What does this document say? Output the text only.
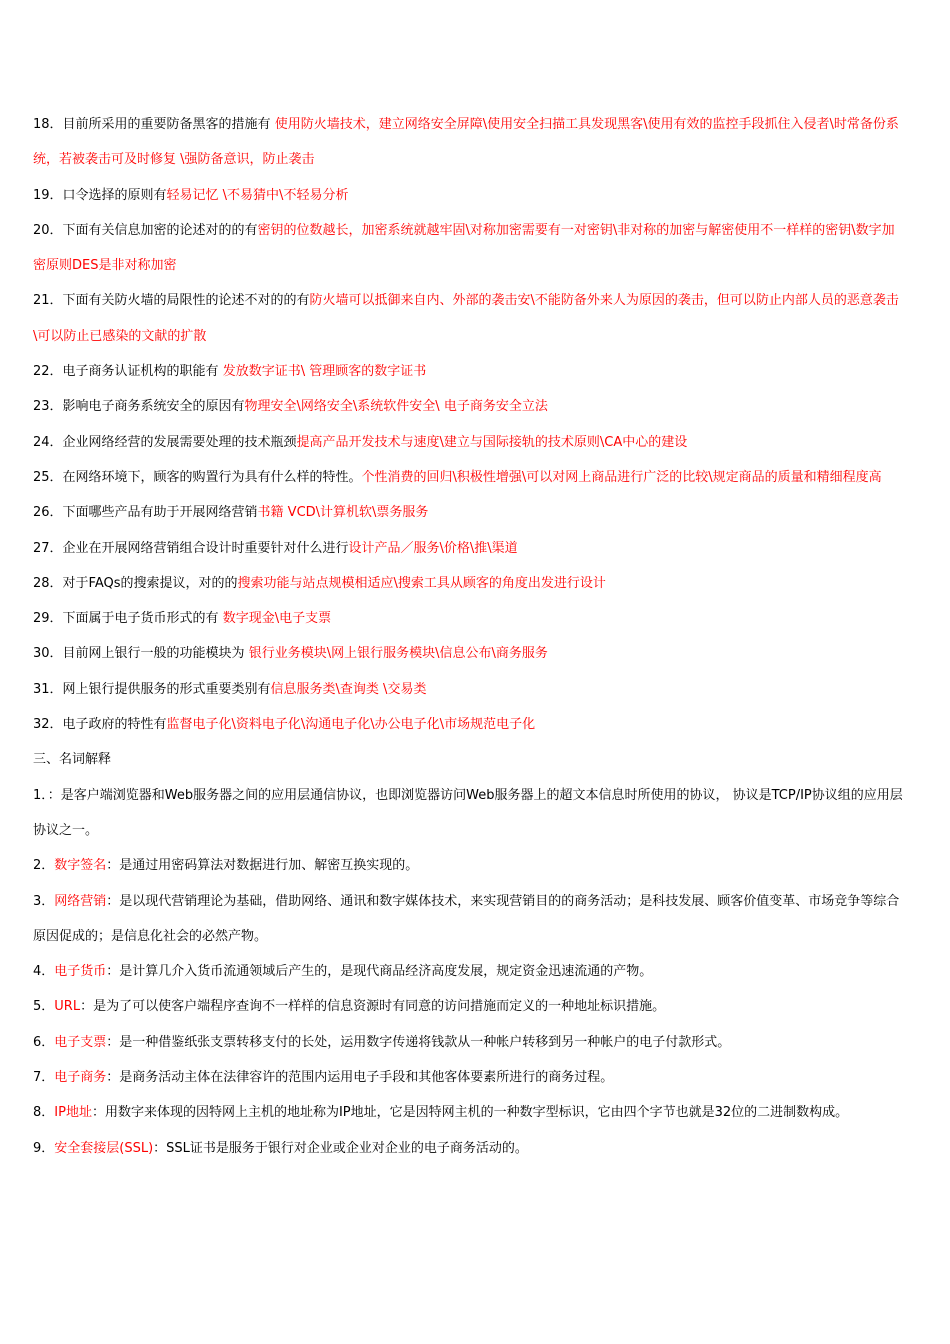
18．目前所采用的重要防备黑客的措施有 使用防火墙技术，建立网络安全屏障\使用安全扫描工具发现黑客\使用有效的监控手段抓住入侵者\时常备份系统，若被袭击可及时修复 \强防备意识，防止袭击

19．口令选择的原则有轻易记忆 \不易猜中\不轻易分析

20．下面有关信息加密的论述对的的有密钥的位数越长，加密系统就越牢固\对称加密需要有一对密钥\非对称的加密与解密使用不一样样的密钥\数字加密原则DES是非对称加密

21．下面有关防火墙的局限性的论述不对的的有防火墙可以抵御来自内、外部的袭击安\不能防备外来人为原因的袭击，但可以防止内部人员的恶意袭击\可以防止已感染的文献的扩散

22．电子商务认证机构的职能有 发放数字证书\ 管理顾客的数字证书

23．影响电子商务系统安全的原因有物理安全\网络安全\系统软件安全\ 电子商务安全立法

24．企业网络经营的发展需要处理的技术瓶颈提高产品开发技术与速度\建立与国际接轨的技术原则\CA中心的建设

25．在网络环境下，顾客的购置行为具有什么样的特性。个性消费的回归\积极性增强\可以对网上商品进行广泛的比较\规定商品的质量和精细程度高

26．下面哪些产品有助于开展网络营销书籍 VCD\计算机软\票务服务

27．企业在开展网络营销组合设计时重要针对什么进行设计产品／服务\价格\推\渠道

28．对于FAQs的搜索提议，对的的搜索功能与站点规模相适应\搜索工具从顾客的角度出发进行设计

29．下面属于电子货币形式的有 数字现金\电子支票

30．目前网上银行一般的功能模块为 银行业务模块\网上银行服务模块\信息公布\商务服务

31．网上银行提供服务的形式重要类别有信息服务类\查询类 \交易类

32．电子政府的特性有监督电子化\资料电子化\沟通电子化\办公电子化\市场规范电子化

三、名词解释

1．：是客户端浏览器和Web服务器之间的应用层通信协议，也即浏览器访问Web服务器上的超文本信息时所使用的协议， 协议是TCP/IP协议组的应用层协议之一。

2．数字签名：是通过用密码算法对数据进行加、解密互换实现的。

3．网络营销：是以现代营销理论为基础，借助网络、通讯和数字媒体技术，来实现营销目的的商务活动；是科技发展、顾客价值变革、市场竞争等综合原因促成的；是信息化社会的必然产物。

4．电子货币：是计算几介入货币流通领域后产生的，是现代商品经济高度发展，规定资金迅速流通的产物。

5．URL：是为了可以使客户端程序查询不一样样的信息资源时有同意的访问措施而定义的一种地址标识措施。

6．电子支票：是一种借鉴纸张支票转移支付的长处，运用数字传递将钱款从一种帐户转移到另一种帐户的电子付款形式。

7．电子商务：是商务活动主体在法律容许的范围内运用电子手段和其他客体要素所进行的商务过程。

8．IP地址：用数字来体现的因特网上主机的地址称为IP地址，它是因特网主机的一种数字型标识，它由四个字节也就是32位的二进制数构成。

9．安全套接层(SSL)：SSL证书是服务于银行对企业或企业对企业的电子商务活动的。
